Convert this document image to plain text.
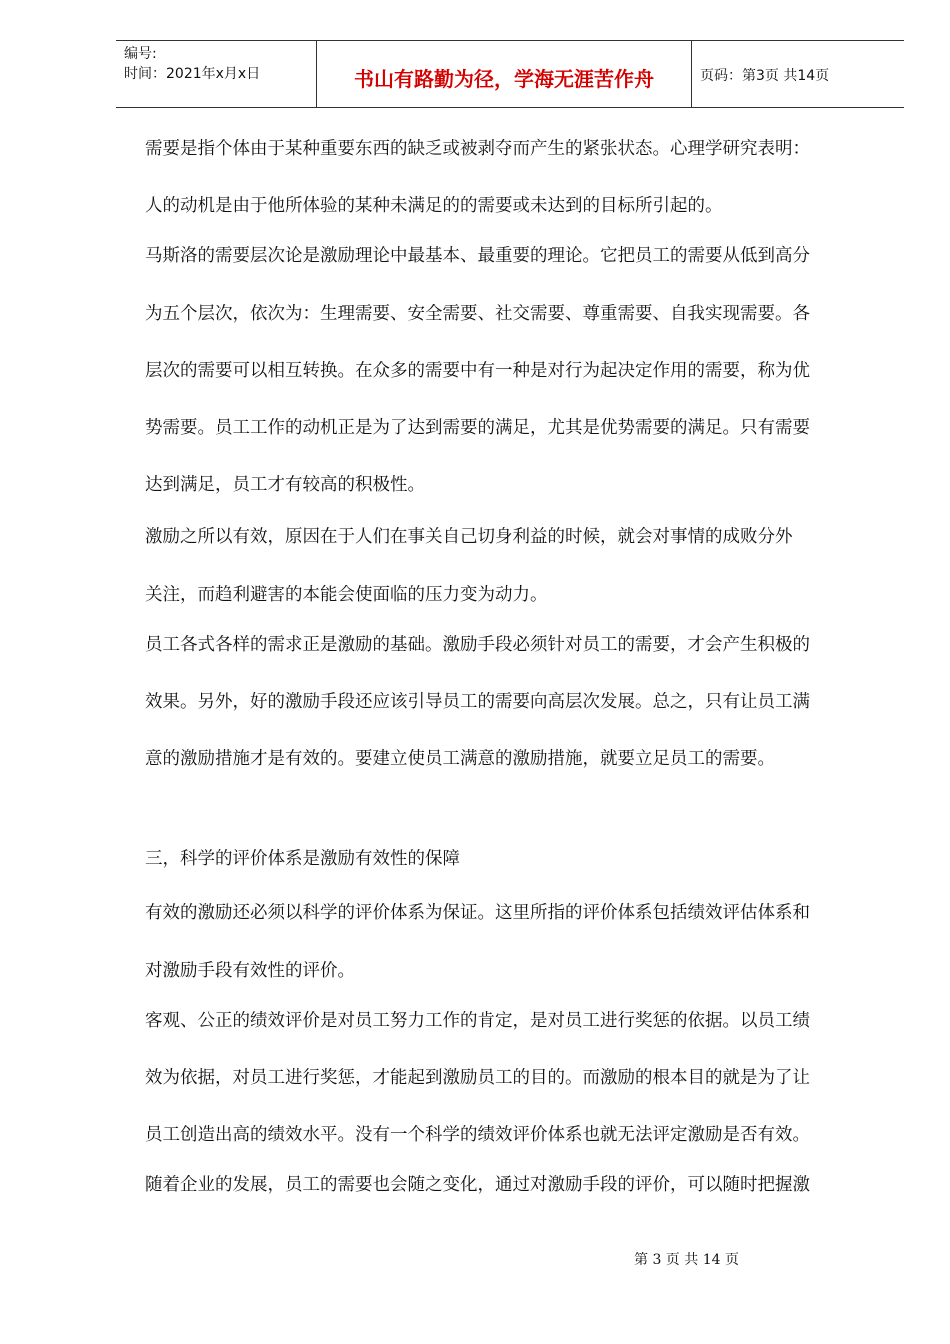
编号:
时间：2021年x月x日	书山有路勤为径，学海无涯苦作舟	页码：第3页 共14页

需要是指个体由于某种重要东西的缺乏或被剥夺而产生的紧张状态。心理学研究表明：

人的动机是由于他所体验的某种未满足的的需要或未达到的目标所引起的。

马斯洛的需要层次论是激励理论中最基本、最重要的理论。它把员工的需要从低到高分

为五个层次，依次为：生理需要、安全需要、社交需要、尊重需要、自我实现需要。各

层次的需要可以相互转换。在众多的需要中有一种是对行为起决定作用的需要，称为优

势需要。员工工作的动机正是为了达到需要的满足，尤其是优势需要的满足。只有需要

达到满足，员工才有较高的积极性。

激励之所以有效，原因在于人们在事关自己切身利益的时候，就会对事情的成败分外

关注，而趋利避害的本能会使面临的压力变为动力。

员工各式各样的需求正是激励的基础。激励手段必须针对员工的需要，才会产生积极的

效果。另外，好的激励手段还应该引导员工的需要向高层次发展。总之，只有让员工满

意的激励措施才是有效的。要建立使员工满意的激励措施，就要立足员工的需要。

三，科学的评价体系是激励有效性的保障

有效的激励还必须以科学的评价体系为保证。这里所指的评价体系包括绩效评估体系和

对激励手段有效性的评价。

客观、公正的绩效评价是对员工努力工作的肯定，是对员工进行奖惩的依据。以员工绩

效为依据，对员工进行奖惩，才能起到激励员工的目的。而激励的根本目的就是为了让

员工创造出高的绩效水平。没有一个科学的绩效评价体系也就无法评定激励是否有效。

随着企业的发展，员工的需要也会随之变化，通过对激励手段的评价，可以随时把握激

第 3 页 共 14 页
